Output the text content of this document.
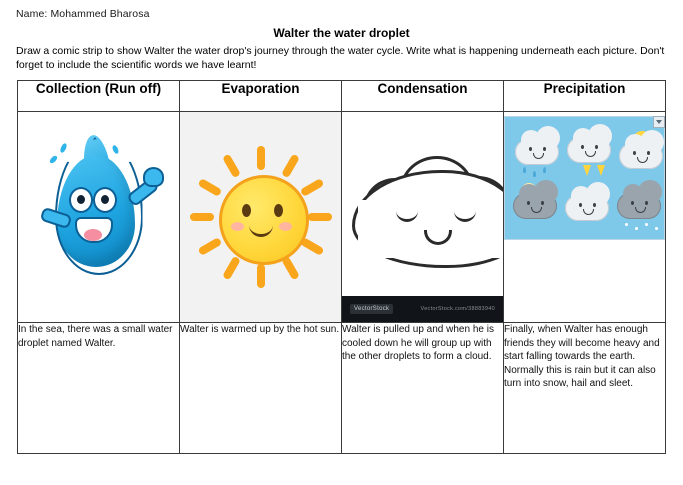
Name: Mohammed Bharosa
Walter the water droplet
Draw a comic strip to show Walter the water drop's journey through the water cycle. Write what is happening underneath each picture. Don't forget to include the scientific words we have learnt!
Collection (Run off)	Evaporation	Condensation	Precipitation

		VectorStock VectorStock.com/38883940	

In the sea, there was a small water droplet named Walter.	Walter is warmed up by the hot sun.	Walter is pulled up and when he is cooled down he will group up with the other droplets to form a cloud.	Finally, when Walter has enough friends they will become heavy and start falling towards the earth. Normally this is rain but it can also turn into snow, hail and sleet.
